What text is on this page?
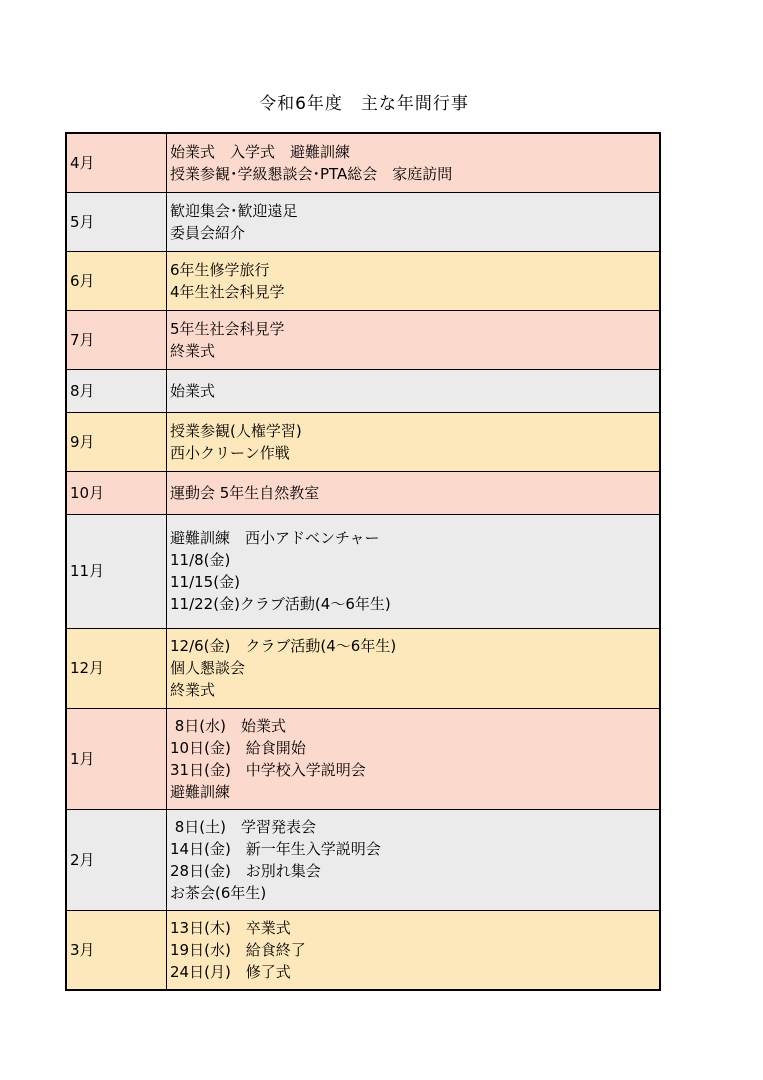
令和6年度　主な年間行事
4月	始業式　入学式　避難訓練
授業参観･学級懇談会･PTA総会　家庭訪問

5月	歓迎集会･歓迎遠足
委員会紹介

6月	6年生修学旅行
4年生社会科見学

7月	5年生社会科見学
終業式

8月	始業式

9月	授業参観(人権学習)
西小クリーン作戦

10月	運動会 5年生自然教室

11月	避難訓練　西小アドベンチャー
11/8(金)
11/15(金)
11/22(金)クラブ活動(4～6年生)

12月	12/6(金)　クラブ活動(4～6年生)
個人懇談会
終業式

1月	8日(水)　始業式
10日(金)　給食開始
31日(金)　中学校入学説明会
避難訓練

2月	8日(土)　学習発表会
14日(金)　新一年生入学説明会
28日(金)　お別れ集会
お茶会(6年生)

3月	13日(木)　卒業式
19日(水)　給食終了
24日(月)　修了式
